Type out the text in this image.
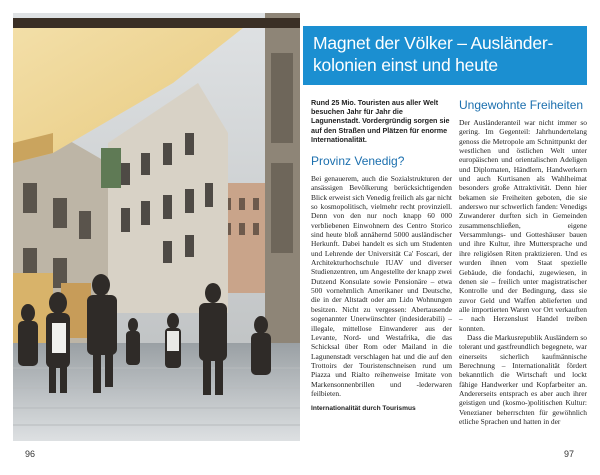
Magnet der Völker – Ausländer-kolonien einst und heute

Rund 25 Mio. Touristen aus aller Welt besuchen Jahr für Jahr die Lagunenstadt. Vordergründig sorgen sie auf den Straßen und Plätzen für enorme Internationalität.

Provinz Venedig?

Bei genauerem, auch die Sozialstrukturen der ansässigen Bevölkerung berücksichtigenden Blick erweist sich Venedig freilich als gar nicht so kosmopolitisch, vielmehr recht provinziell. Denn von den nur noch knapp 60 000 verbliebenen Einwohnern des Centro Storico sind heute bloß annähernd 5000 ausländischer Herkunft. Dabei handelt es sich um Studenten und Lehrende der Universität Ca' Foscari, der Architekturhochschule IUAV und diverser Studienzentren, um Angestellte der knapp zwei Dutzend Konsulate sowie Pensionäre – etwa 500 vornehmlich Amerikaner und Deutsche, die in der Altstadt oder am Lido Wohnungen besitzen. Nicht zu vergessen: Abertausende sogenannter Unerwünschter (indesiderabili) – illegale, mittellose Einwanderer aus der Levante, Nord- und Westafrika, die das Schicksal über Rom oder Mailand in die Lagunenstadt verschlagen hat und die auf den Trottoirs der Touristenschneisen rund um Piazza und Rialto reihenweise Imitate von Markensonnenbrillen und -lederwaren feilbieten.

Internationalität durch Tourismus
Ungewohnte Freiheiten

Der Ausländeranteil war nicht immer so gering. Im Gegenteil: Jahrhundertelang genoss die Metropole am Schnittpunkt der westlichen und östlichen Welt unter europäischen und orientalischen Adeligen und Diplomaten, Händlern, Handwerkern und auch Kurtisanen als Wahlheimat besonders große Attraktivität. Denn hier bekamen sie Freiheiten geboten, die sie anderswo nur schwerlich fanden: Venedigs Zuwanderer durften sich in Gemeinden zusammenschließen, eigene Versammlungs- und Gotteshäuser bauen und ihre Kultur, ihre Muttersprache und ihre religiösen Riten praktizieren. Und es wurden ihnen vom Staat spezielle Gebäude, die fondachi, zugewiesen, in denen sie – freilich unter magistratischer Kontrolle und der Bedingung, dass sie zuvor Geld und Waffen ablieferten und alle importierten Waren vor Ort verkauften – nach Herzenslust Handel treiben konnten.

Dass die Markusrepublik Ausländern so tolerant und gastfreundlich begegnete, war einerseits sicherlich kaufmännische Berechnung – Internationalität fördert bekanntlich die Wirtschaft und lockt fähige Handwerker und Kopfarbeiter an. Andererseits entsprach es aber auch ihrer geistigen und (kosmo-)politischen Kultur: Venezianer beherrschten für gewöhnlich etliche Sprachen und hatten in der

96	97
